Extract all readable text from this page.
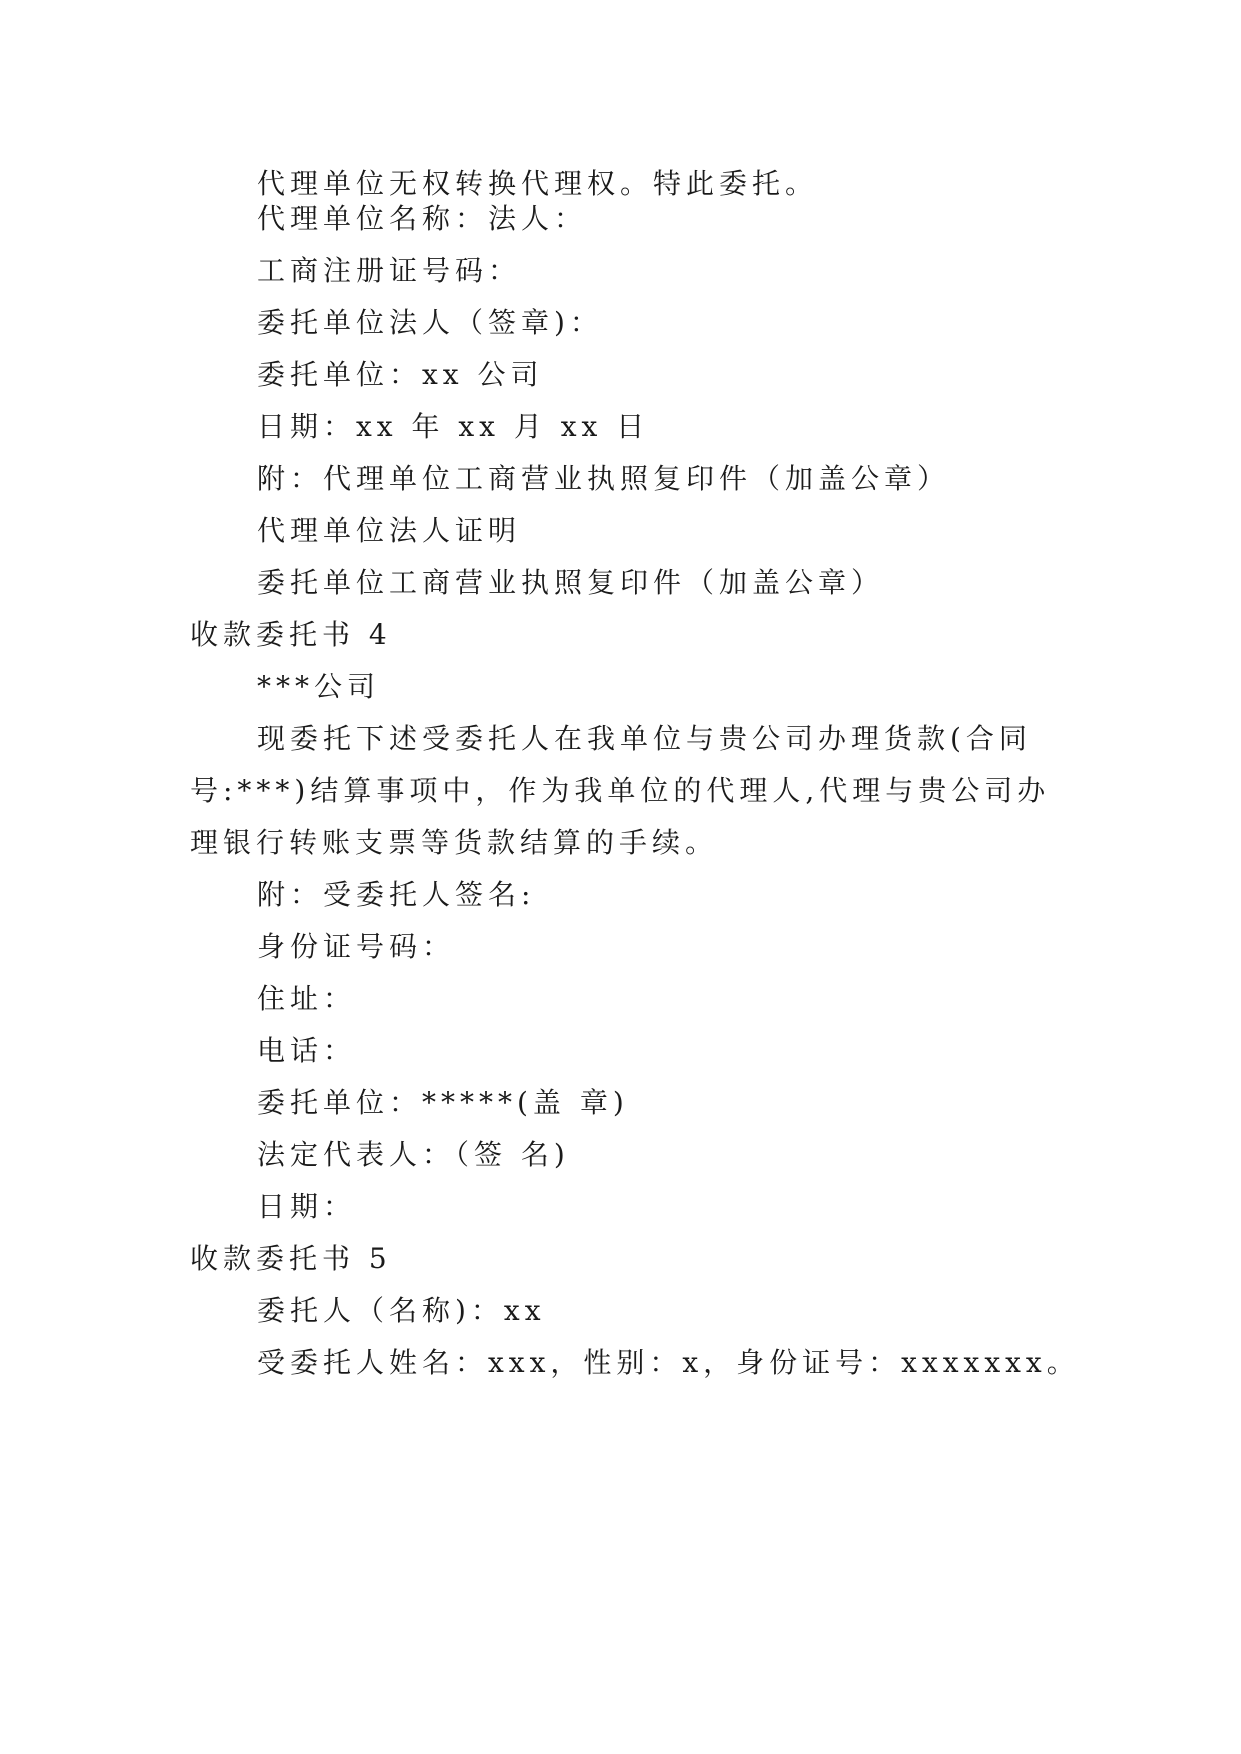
代理单位无权转换代理权。特此委托。
代理单位名称：法人：
工商注册证号码：
委托单位法人（签章)：
委托单位：xx 公司
日期：xx 年 xx 月 xx 日
附：代理单位工商营业执照复印件（加盖公章）
代理单位法人证明
委托单位工商营业执照复印件（加盖公章）
收款委托书 4
***公司
现委托下述受委托人在我单位与贵公司办理货款(合同
号:***)结算事项中，作为我单位的代理人,代理与贵公司办
理银行转账支票等货款结算的手续。
附：受委托人签名:
身份证号码：
住址：
电话：
委托单位：*****(盖 章)
法定代表人：（签 名)
日期：
收款委托书 5
委托人（名称)：xx
受委托人姓名：xxx，性别：x，身份证号：xxxxxxx。
